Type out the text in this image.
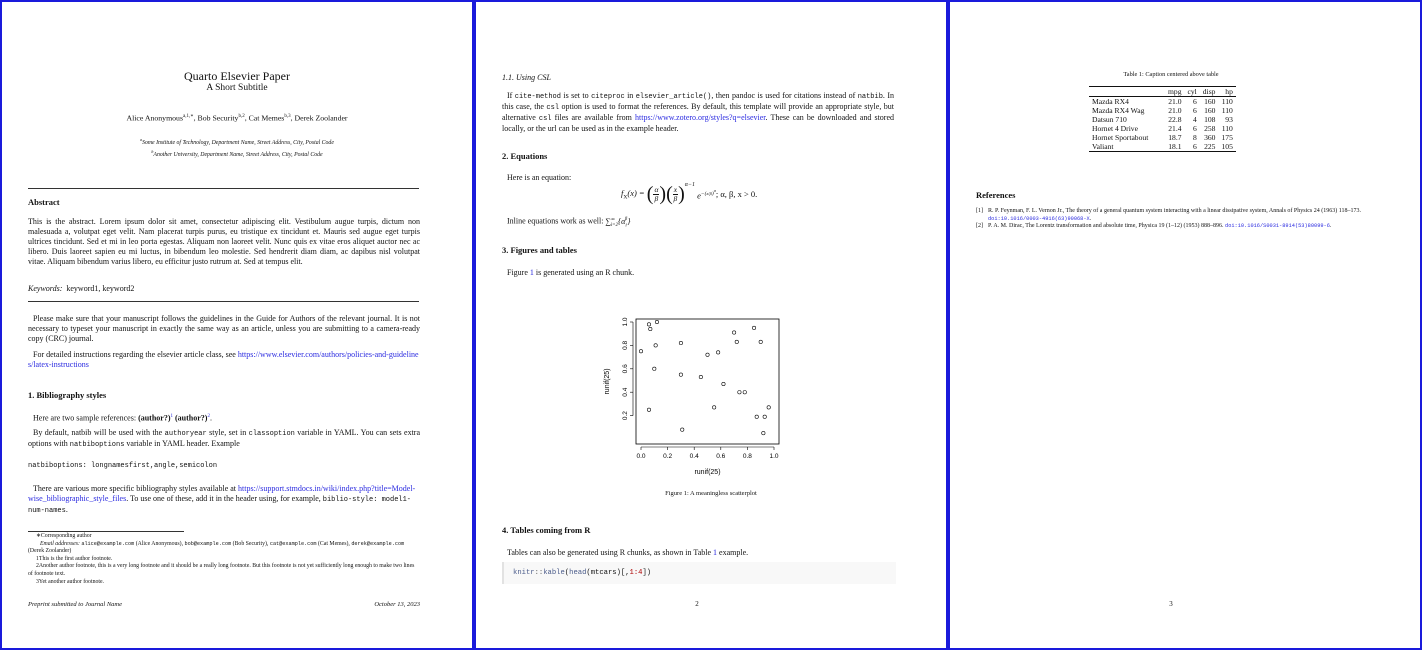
Quarto Elsevier Paper
A Short Subtitle
Alice Anonymous$^{a,1,∗}$, Bob Security$^{b,2}$, Cat Memes$^{b,3}$, Derek Zoolander
$^a$Some Institute of Technology, Department Name, Street Address, City, Postal Code
$^b$Another University, Department Name, Street Address, City, Postal Code
Abstract
This is the abstract. Lorem ipsum dolor sit amet, consectetur adipiscing elit. Vestibulum augue turpis, dictum non malesuada a, volutpat eget velit. Nam placerat turpis purus, eu tristique ex tincidunt et. Mauris sed augue eget turpis ultrices tincidunt. Sed et mi in leo porta egestas. Aliquam non laoreet velit. Nunc quis ex vitae eros aliquet auctor nec ac libero. Duis laoreet sapien eu mi luctus, in bibendum leo molestie. Sed hendrerit diam diam, ac dapibus nisl volutpat vitae. Aliquam bibendum varius libero, eu efficitur justo rutrum at. Sed at tempus elit.
Keywords: keyword1, keyword2
Please make sure that your manuscript follows the guidelines in the Guide for Authors of the relevant journal. It is not necessary to typeset your manuscript in exactly the same way as an article, unless you are submitting to a camera-ready copy (CRC) journal.
For detailed instructions regarding the elsevier article class, see https://www.elsevier.com/authors/policies-and-guidelines/latex-instructions
1. Bibliography styles
Here are two sample references: (author?)$^1$ (author?)$^2$.
By default, natbib will be used with the authoryear style, set in classoption variable in YAML. You can sets extra options with natbiboptions variable in YAML header. Example
natbiboptions: longnamesfirst,angle,semicolon
There are various more specific bibliography styles available at https://support.stmdocs.in/wiki/index.php?title=Model-wise_bibliographic_style_files. To use one of these, add it in the header using, for example, biblio-style: model1-num-names.
∗Corresponding author
Email addresses: alice@example.com (Alice Anonymous), bob@example.com (Bob Security), cat@example.com (Cat Memes), derek@example.com (Derek Zoolander)
1This is the first author footnote.
2Another author footnote, this is a very long footnote and it should be a really long footnote. But this footnote is not yet sufficiently long enough to make two lines of footnote text.
3Yet another author footnote.
Preprint submitted to Journal Name	October 13, 2023
1.1. Using CSL
If cite-method is set to citeproc in elsevier_article(), then pandoc is used for citations instead of natbib. In this case, the csl option is used to format the references. By default, this template will provide an appropriate style, but alternative csl files are available from https://www.zotero.org/styles?q=elsevier. These can be downloaded and stored locally, or the url can be used as in the example header.
2. Equations
Here is an equation:
$f_X(x)$ = ( α
β ) ( x
β )$^{\alpha-1}$
$e^{-(x/\beta)^\alpha}$ ; α, β, x > 0.
Inline equations work as well: $\sum^\infty_{i=2}\{\alpha_i^\beta\}$
3. Figures and tables
Figure 1 is generated using an R chunk.
0.0	0.2	0.4	0.6	0.8	1.0
0.2
0.4
0.6
0.8
1.0
runif(25)
runif(25)
Figure 1: A meaningless scatterplot
4. Tables coming from R
Tables can also be generated using R chunks, as shown in Table 1 example.
knitr::kable(head(mtcars)[,1:4])
2
Table 1: Caption centered above table
	mpg	cyl	disp	hp
Mazda RX4	21.0	6	160	110
Mazda RX4 Wag	21.0	6	160	110
Datsun 710	22.8	4	108	93
Hornet 4 Drive	21.4	6	258	110
Hornet Sportabout	18.7	8	360	175
Valiant	18.1	6	225	105
References
[1] R. P. Feynman, F. L. Vernon Jr., The theory of a general quantum system interacting with a linear dissipative system, Annals of Physics 24 (1963) 118–173. doi:10.1016/0003-4916(63)90068-X.
[2] P. A. M. Dirac, The Lorentz transformation and absolute time, Physica 19 (1–12) (1953) 888–896. doi:10.1016/S0031-8914(53)80099-6.
3
